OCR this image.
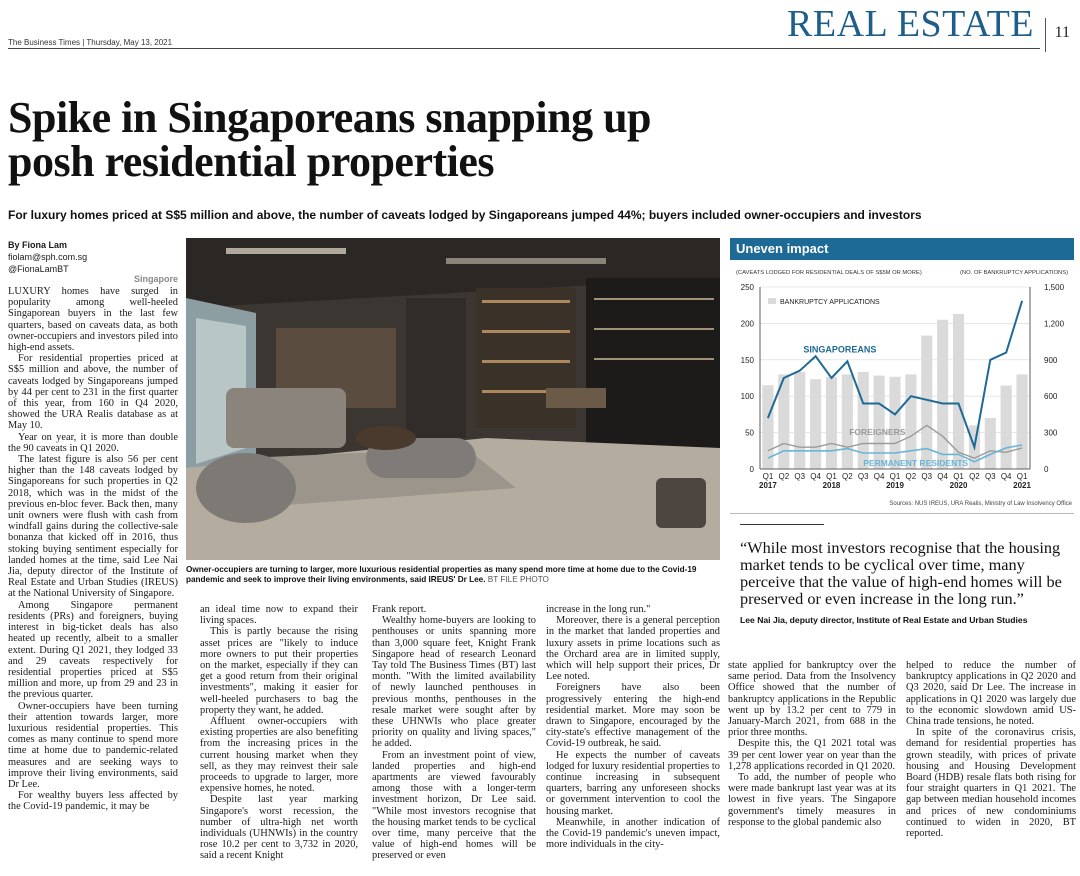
The Business Times | Thursday, May 13, 2021	REAL ESTATE 11
Spike in Singaporeans snapping up
posh residential properties
For luxury homes priced at S$5 million and above, the number of caveats lodged by Singaporeans jumped 44%; buyers included owner-occupiers and investors
By Fiona Lam
fiolam@sph.com.sg
@FionaLamBT
Singapore

LUXURY homes have surged in popularity among well-heeled Singaporean buyers in the last few quarters, based on caveats data, as both owner-occupiers and investors piled into high-end assets.

For residential properties priced at S$5 million and above, the number of caveats lodged by Singaporeans jumped by 44 per cent to 231 in the first quarter of this year, from 160 in Q4 2020, showed the URA Realis database as at May 10.

Year on year, it is more than double the 90 caveats in Q1 2020.

The latest figure is also 56 per cent higher than the 148 caveats lodged by Singaporeans for such properties in Q2 2018, which was in the midst of the previous en-bloc fever. Back then, many unit owners were flush with cash from windfall gains during the collective-sale bonanza that kicked off in 2016, thus stoking buying sentiment especially for landed homes at the time, said Lee Nai Jia, deputy director of the Institute of Real Estate and Urban Studies (IREUS) at the National University of Singapore.

Among Singapore permanent residents (PRs) and foreigners, buying interest in big-ticket deals has also heated up recently, albeit to a smaller extent. During Q1 2021, they lodged 33 and 29 caveats respectively for residential properties priced at S$5 million and more, up from 29 and 23 in the previous quarter.

Owner-occupiers have been turning their attention towards larger, more luxurious residential properties. This comes as many continue to spend more time at home due to pandemic-related measures and are seeking ways to improve their living environments, said Dr Lee.

For wealthy buyers less affected by the Covid-19 pandemic, it may be

Owner-occupiers are turning to larger, more luxurious residential properties as many spend more time at home due to the Covid-19 pandemic and seek to improve their living environments, said IREUS' Dr Lee. BT FILE PHOTO

an ideal time now to expand their living spaces.

This is partly because the rising asset prices are "likely to induce more owners to put their properties on the market, especially if they can get a good return from their original investments", making it easier for well-heeled purchasers to bag the property they want, he added.

Affluent owner-occupiers with existing properties are also benefiting from the increasing prices in the current housing market when they sell, as they may reinvest their sale proceeds to upgrade to larger, more expensive homes, he noted.

Despite last year marking Singapore's worst recession, the number of ultra-high net worth individuals (UHNWIs) in the country rose 10.2 per cent to 3,732 in 2020, said a recent Knight

Frank report.

Wealthy home-buyers are looking to penthouses or units spanning more than 3,000 square feet, Knight Frank Singapore head of research Leonard Tay told The Business Times (BT) last month. "With the limited availability of newly launched penthouses in previous months, penthouses in the resale market were sought after by these UHNWIs who place greater priority on quality and living spaces," he added.

From an investment point of view, landed properties and high-end apartments are viewed favourably among those with a longer-term investment horizon, Dr Lee said. "While most investors recognise that the housing market tends to be cyclical over time, many perceive that the value of high-end homes will be preserved or even

increase in the long run."

Moreover, there is a general perception in the market that landed properties and luxury assets in prime locations such as the Orchard area are in limited supply, which will help support their prices, Dr Lee noted.

Foreigners have also been progressively entering the high-end residential market. More may soon be drawn to Singapore, encouraged by the city-state's effective management of the Covid-19 outbreak, he said.

He expects the number of caveats lodged for luxury residential properties to continue increasing in subsequent quarters, barring any unforeseen shocks or government intervention to cool the housing market.

Meanwhile, in another indication of the Covid-19 pandemic's uneven impact, more individuals in the city-

state applied for bankruptcy over the same period. Data from the Insolvency Office showed that the number of bankruptcy applications in the Republic went up by 13.2 per cent to 779 in January-March 2021, from 688 in the prior three months.

Despite this, the Q1 2021 total was 39 per cent lower year on year than the 1,278 applications recorded in Q1 2020.

To add, the number of people who were made bankrupt last year was at its lowest in five years. The Singapore government's timely measures in response to the global pandemic also

helped to reduce the number of bankruptcy applications in Q2 2020 and Q3 2020, said Dr Lee. The increase in applications in Q1 2020 was largely due to the economic slowdown amid US-China trade tensions, he noted.

In spite of the coronavirus crisis, demand for residential properties has grown steadily, with prices of private housing and Housing Development Board (HDB) resale flats both rising for four straight quarters in Q1 2021. The gap between median household incomes and prices of new condominiums continued to widen in 2020, BT reported.

Uneven impact
(CAVEATS LODGED FOR RESIDENTIAL DEALS OF S$5M OR MORE)	(NO. OF BANKRUPTCY APPLICATIONS)
0	0
50	300
100	600
150	900
200	1,200
250	1,500
BANKRUPTCY APPLICATIONS
SINGAPOREANS
FOREIGNERS
PERMANENT RESIDENTS
Q1 Q2 Q3 Q4 Q1 Q2 Q3 Q4 Q1 Q2 Q3 Q4 Q1 Q2 Q3 Q4 Q1
2017	2018	2019	2020	2021
Sources: NUS IREUS, URA Realis, Ministry of Law Insolvency Office
“While most investors recognise that the housing market tends to be cyclical over time, many perceive that the value of high-end homes will be preserved or even increase in the long run.”
Lee Nai Jia, deputy director, Institute of Real Estate and Urban Studies
